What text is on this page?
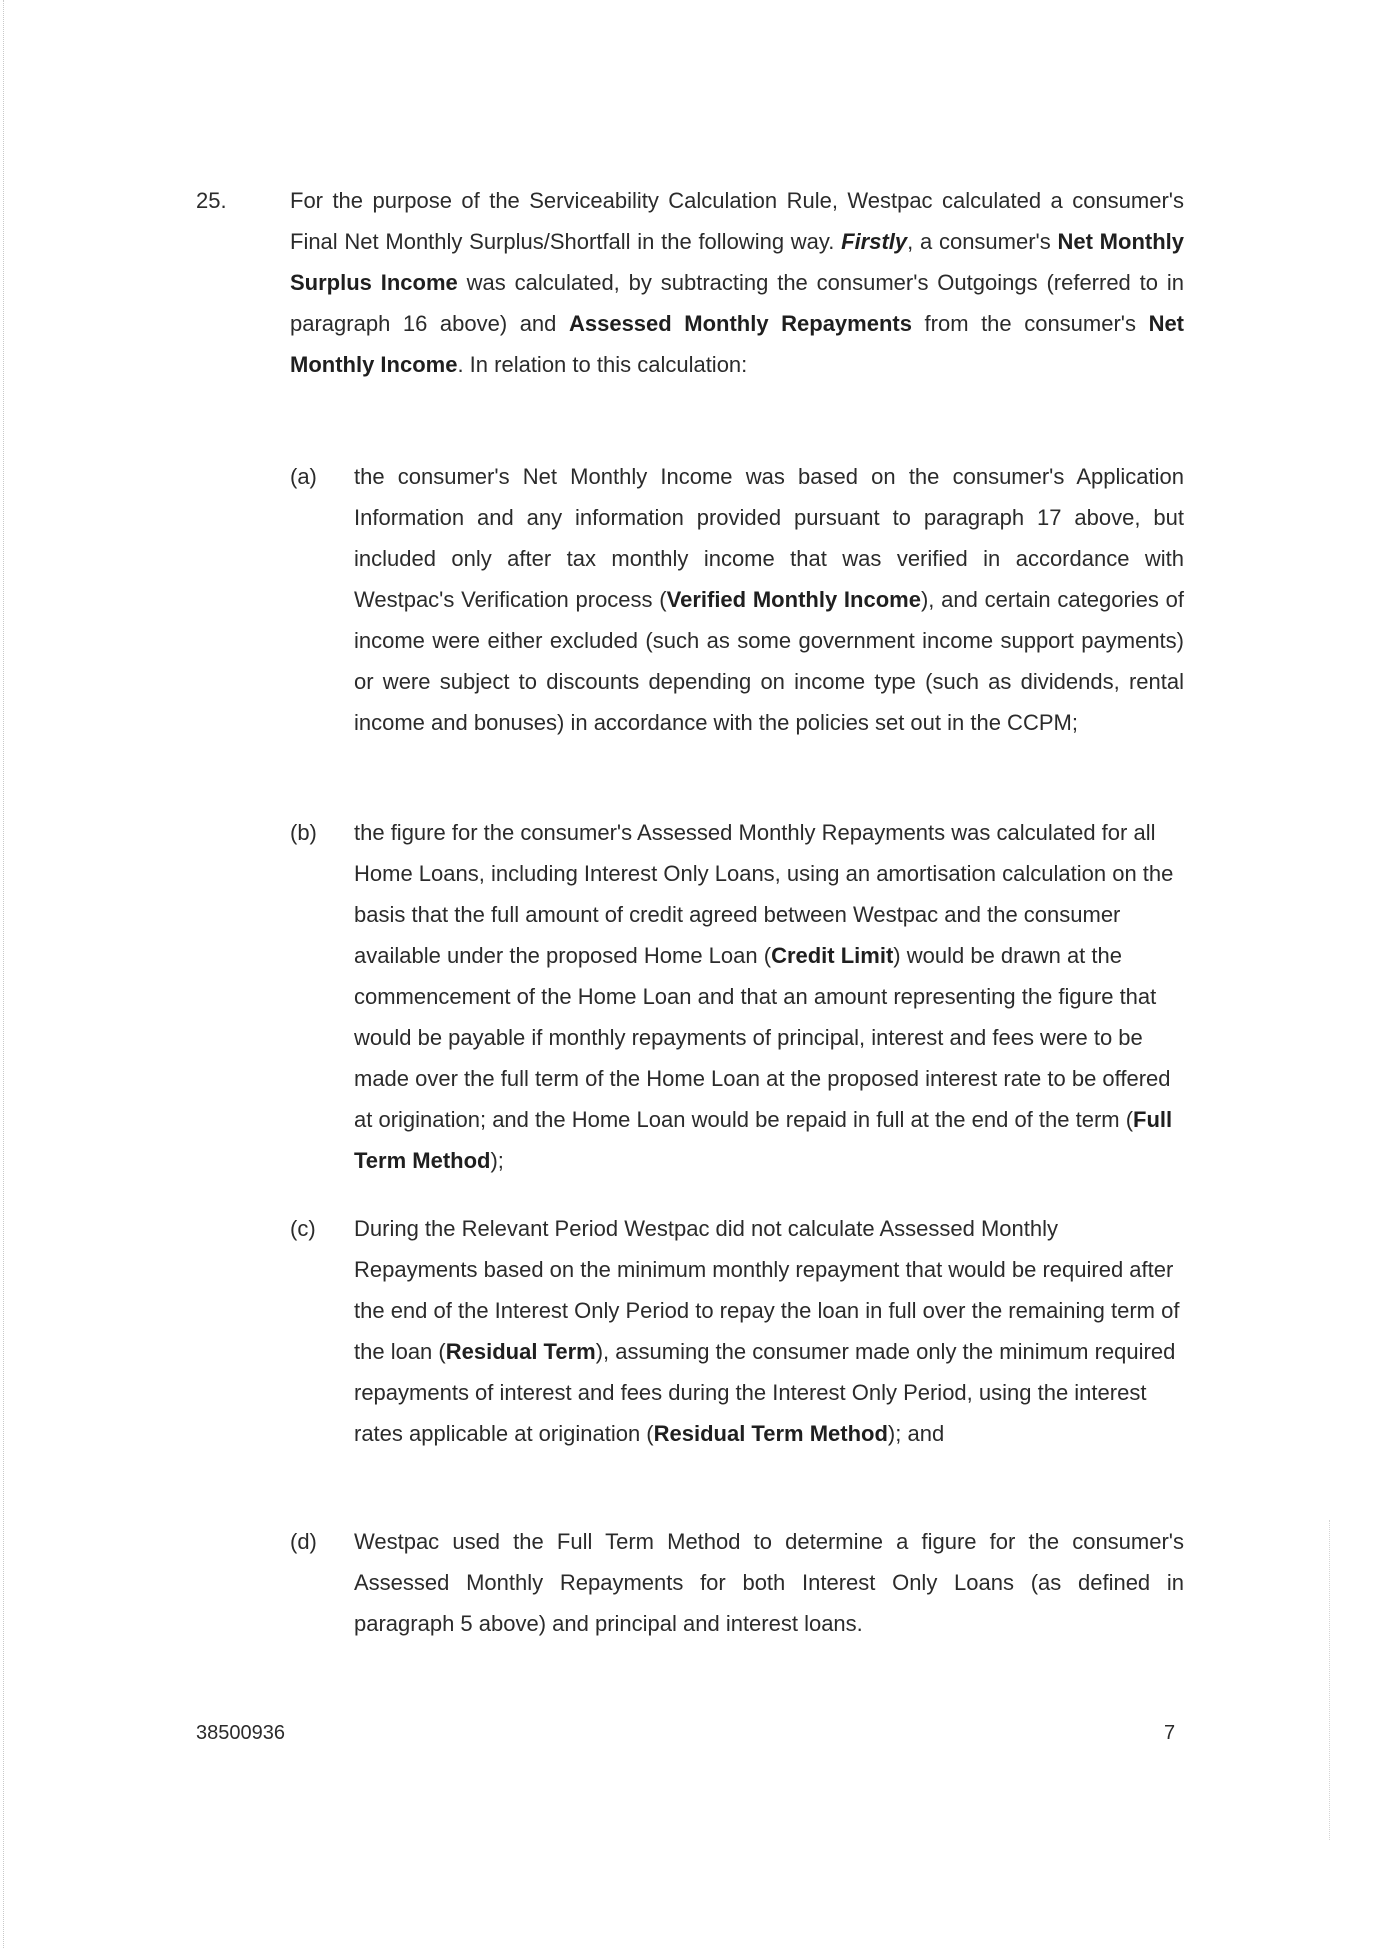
25.	For the purpose of the Serviceability Calculation Rule, Westpac calculated a consumer's Final Net Monthly Surplus/Shortfall in the following way. Firstly, a consumer's Net Monthly Surplus Income was calculated, by subtracting the consumer's Outgoings (referred to in paragraph 16 above) and Assessed Monthly Repayments from the consumer's Net Monthly Income. In relation to this calculation:
(a) the consumer's Net Monthly Income was based on the consumer's Application Information and any information provided pursuant to paragraph 17 above, but included only after tax monthly income that was verified in accordance with Westpac's Verification process (Verified Monthly Income), and certain categories of income were either excluded (such as some government income support payments) or were subject to discounts depending on income type (such as dividends, rental income and bonuses) in accordance with the policies set out in the CCPM;
(b) the figure for the consumer's Assessed Monthly Repayments was calculated for all Home Loans, including Interest Only Loans, using an amortisation calculation on the basis that the full amount of credit agreed between Westpac and the consumer available under the proposed Home Loan (Credit Limit) would be drawn at the commencement of the Home Loan and that an amount representing the figure that would be payable if monthly repayments of principal, interest and fees were to be made over the full term of the Home Loan at the proposed interest rate to be offered at origination; and the Home Loan would be repaid in full at the end of the term (Full Term Method);
(c) During the Relevant Period Westpac did not calculate Assessed Monthly Repayments based on the minimum monthly repayment that would be required after the end of the Interest Only Period to repay the loan in full over the remaining term of the loan (Residual Term), assuming the consumer made only the minimum required repayments of interest and fees during the Interest Only Period, using the interest rates applicable at origination (Residual Term Method); and
(d) Westpac used the Full Term Method to determine a figure for the consumer's Assessed Monthly Repayments for both Interest Only Loans (as defined in paragraph 5 above) and principal and interest loans.
38500936	7
